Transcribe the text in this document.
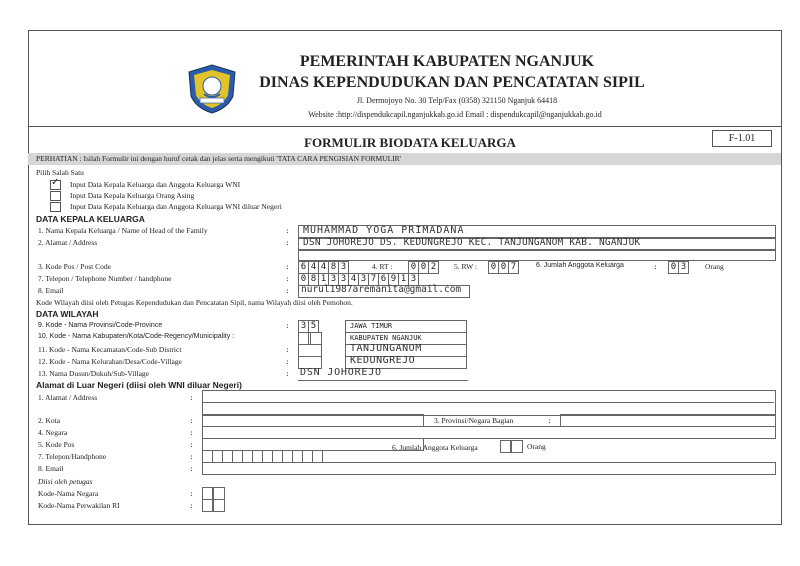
PEMERINTAH KABUPATEN NGANJUK
DINAS KEPENDUDUKAN DAN PENCATATAN SIPIL
Jl. Dermojoyo No. 30 Telp/Fax (0358) 321150 Nganjuk 64418
Website :http://dispendukcapil.nganjukkab.go.id Email : dispendukcapil@nganjukkab.go.id
FORMULIR BIODATA KELUARGA	F-1.01
PERHATIAN : Isilah Formulir ini dengan huruf cetak dan jelas serta mengikuti 'TATA CARA PENGISIAN FORMULIR'
Pilih Salah Satu
✓ Input Data Kepala Keluarga dan Anggota Keluarga WNI
Input Data Kepala Keluarga Orang Asing
Input Data Kepala Keluarga dan Anggota Keluarga WNI diluar Negeri
DATA KEPALA KELUARGA
1. Nama Kepala Keluarga / Name of Head of the Family	: MUHAMMAD YOGA PRIMADANA
2. Alamat / Address	: DSN JOHOREJO DS. KEDUNGREJO KEC. TANJUNGANOM KAB. NGANJUK
3. Kode Pos / Post Code	:	6 4 4 8 3	4. RT :	0 0 2	5. RW :	0 0 7	6. Jumlah Anggota Keluarga	:	0 3	Orang
7. Telepon / Telephone Number / handphone	:	0 8 1 3 3 4 3 7 6 9 1 3
8. Email	: nurul1987aremanita@gmail.com
Kode Wilayah diisi oleh Petugas Kependudukan dan Pencatatan Sipil, nama Wilayah diisi oleh Pemohon.
DATA WILAYAH
9. Kode - Nama Provinsi/Code-Province	:	3 5	JAWA TIMUR
10. Kode - Nama Kabupaten/Kota/Code-Regency/Municipality :	KABUPATEN NGANJUK
11. Kode - Nama Kecamatan/Code-Sub District	:	TANJUNGANOM
12. Kode - Nama Kelurahan/Desa/Code-Village	:	KEDUNGREJO
13. Nama Dusun/Dukuh/Sub-Village	: DSN JOHOREJO
Alamat di Luar Negeri (diisi oleh WNI diluar Negeri)
1. Alamat / Address	:
2. Kota	:	3. Provinsi/Negara Bagian	:
4. Negara	:
5. Kode Pos	:	6. Jumlah Anggota Keluarga	Orang
7. Telepon/Handphone	:
8. Email	:
Diisi oleh petugas
Kode-Nama Negara	:
Kode-Nama Perwakilan RI	:
